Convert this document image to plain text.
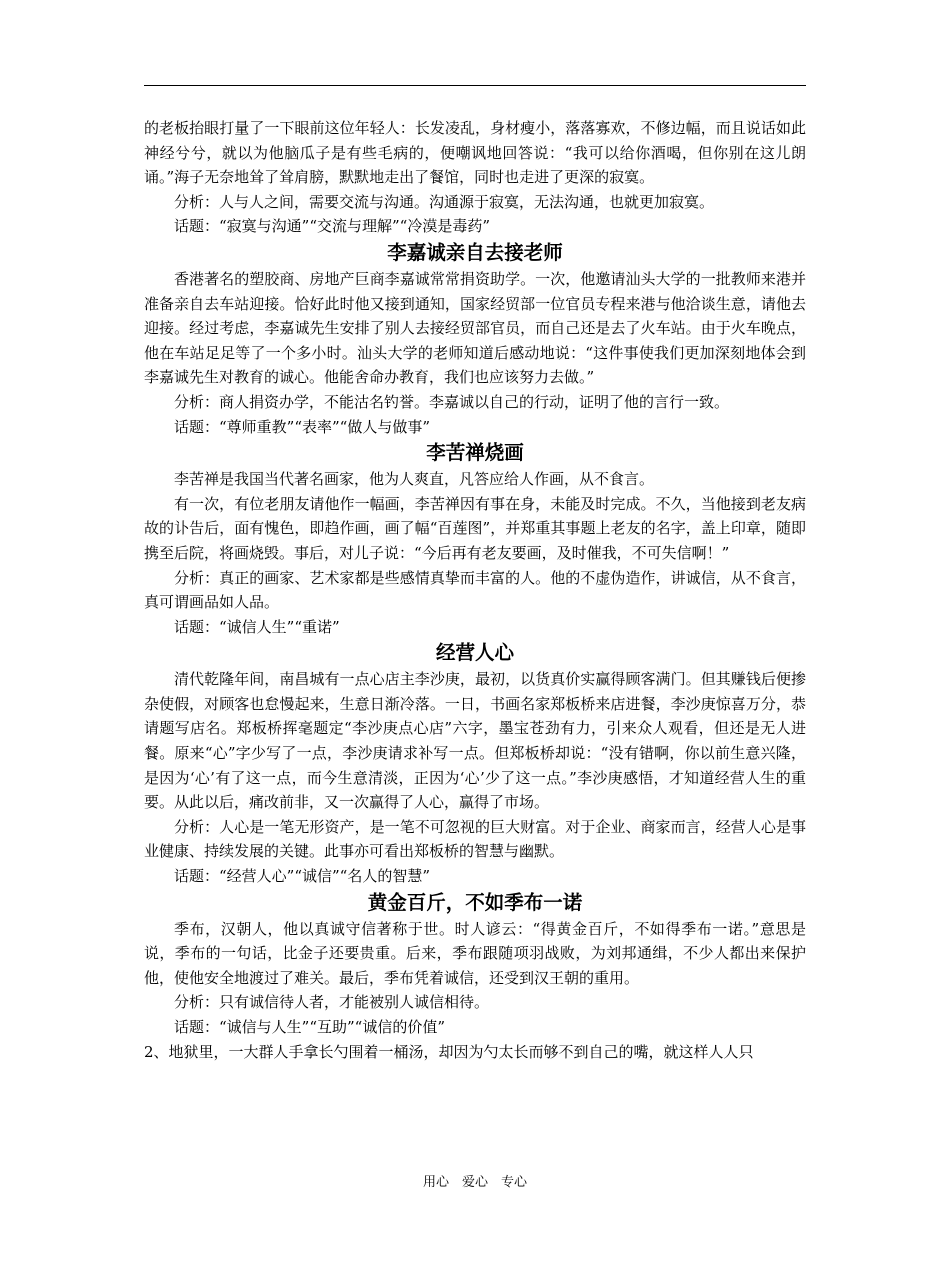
的老板抬眼打量了一下眼前这位年轻人：长发凌乱，身材瘦小，落落寡欢，不修边幅，而且说话如此神经兮兮，就以为他脑瓜子是有些毛病的，便嘲讽地回答说：“我可以给你酒喝，但你别在这儿朗诵。”海子无奈地耸了耸肩膀，默默地走出了餐馆，同时也走进了更深的寂寞。

分析：人与人之间，需要交流与沟通。沟通源于寂寞，无法沟通，也就更加寂寞。

话题：“寂寞与沟通”“交流与理解”“冷漠是毒药”

李嘉诚亲自去接老师

香港著名的塑胶商、房地产巨商李嘉诚常常捐资助学。一次，他邀请汕头大学的一批教师来港并准备亲自去车站迎接。恰好此时他又接到通知，国家经贸部一位官员专程来港与他洽谈生意，请他去迎接。经过考虑，李嘉诚先生安排了别人去接经贸部官员，而自己还是去了火车站。由于火车晚点，他在车站足足等了一个多小时。汕头大学的老师知道后感动地说：“这件事使我们更加深刻地体会到李嘉诚先生对教育的诚心。他能舍命办教育，我们也应该努力去做。”

分析：商人捐资办学，不能沽名钓誉。李嘉诚以自己的行动，证明了他的言行一致。

话题：“尊师重教”“表率”“做人与做事”

李苦禅烧画

李苦禅是我国当代著名画家，他为人爽直，凡答应给人作画，从不食言。

有一次，有位老朋友请他作一幅画，李苦禅因有事在身，未能及时完成。不久，当他接到老友病故的讣告后，面有愧色，即趋作画，画了幅“百莲图”，并郑重其事题上老友的名字，盖上印章，随即携至后院，将画烧毁。事后，对儿子说：“今后再有老友要画，及时催我，不可失信啊！”

分析：真正的画家、艺术家都是些感情真挚而丰富的人。他的不虚伪造作，讲诚信，从不食言，真可谓画品如人品。

话题：“诚信人生”“重诺”

经营人心

清代乾隆年间，南昌城有一点心店主李沙庚，最初，以货真价实赢得顾客满门。但其赚钱后便掺杂使假，对顾客也怠慢起来，生意日渐冷落。一日，书画名家郑板桥来店进餐，李沙庚惊喜万分，恭请题写店名。郑板桥挥毫题定“李沙庚点心店”六字，墨宝苍劲有力，引来众人观看，但还是无人进餐。原来“心”字少写了一点，李沙庚请求补写一点。但郑板桥却说：“没有错啊，你以前生意兴隆，是因为‘心’有了这一点，而今生意清淡，正因为‘心’少了这一点。”李沙庚感悟，才知道经营人生的重要。从此以后，痛改前非，又一次赢得了人心，赢得了市场。

分析：人心是一笔无形资产，是一笔不可忽视的巨大财富。对于企业、商家而言，经营人心是事业健康、持续发展的关键。此事亦可看出郑板桥的智慧与幽默。

话题：“经营人心”“诚信”“名人的智慧”

黄金百斤，不如季布一诺

季布，汉朝人，他以真诚守信著称于世。时人谚云：“得黄金百斤，不如得季布一诺。”意思是说，季布的一句话，比金子还要贵重。后来，季布跟随项羽战败，为刘邦通缉，不少人都出来保护他，使他安全地渡过了难关。最后，季布凭着诚信，还受到汉王朝的重用。

分析：只有诚信待人者，才能被别人诚信相待。

话题：“诚信与人生”“互助”“诚信的价值”

2、地狱里，一大群人手拿长勺围着一桶汤，却因为勺太长而够不到自己的嘴，就这样人人只

用心　爱心　专心
